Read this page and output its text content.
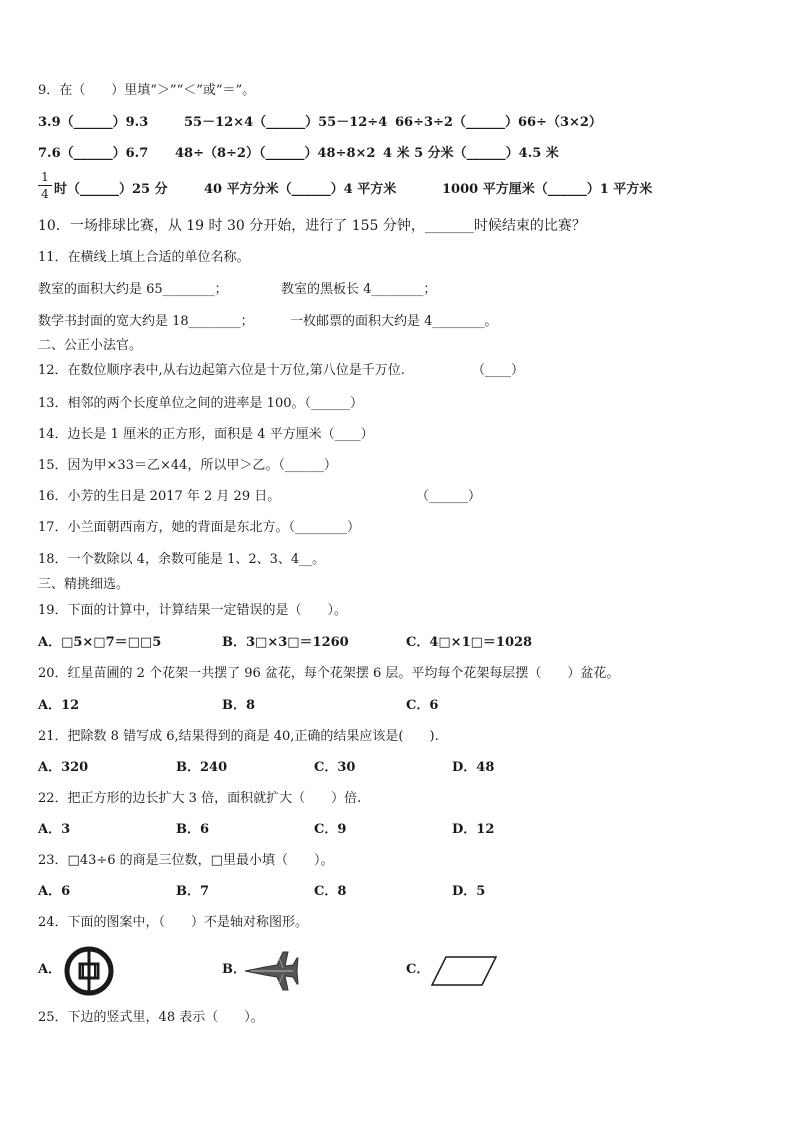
9．在（　　）里填“＞”“＜”或“＝”。
3.9（______）9.3	55－12×4（______）55－12÷4 66÷3÷2（______）66÷（3×2）
7.6（______）6.7 48÷（8÷2）（______）48÷8×2 4 米 5 分米（______）4.5 米
1
4 时（______）25 分	40 平方分米（______）4 平方米	1000 平方厘米（______）1 平方米
10．一场排球比赛，从 19 时 30 分开始，进行了 155 分钟，_______时候结束的比赛？
11．在横线上填上合适的单位名称。
教室的面积大约是 65________；	教室的黑板长 4________；
数学书封面的宽大约是 18________；	一枚邮票的面积大约是 4________。
二、公正小法官。
12．在数位顺序表中,从右边起第六位是十万位,第八位是千万位.	（____）
13．相邻的两个长度单位之间的进率是 100。（______）
14．边长是 1 厘米的正方形，面积是 4 平方厘米（____）
15．因为甲×33＝乙×44，所以甲＞乙。（______）
16．小芳的生日是 2017 年 2 月 29 日。	（______）
17．小兰面朝西南方，她的背面是东北方。（________）
18．一个数除以 4，余数可能是 1、2、3、4__。
三、精挑细选。
19．下面的计算中，计算结果一定错误的是（　　）。
A．□5×□7＝□□5	B．3□×3□＝1260	C．4□×1□＝1028
20．红星苗圃的 2 个花架一共摆了 96 盆花，每个花架摆 6 层。平均每个花架每层摆（　　）盆花。
A．12	B．8	C．6
21．把除数 8 错写成 6,结果得到的商是 40,正确的结果应该是(　　).
A．320	B．240	C．30	D．48
22．把正方形的边长扩大 3 倍，面积就扩大（　　）倍.
A．3	B．6	C．9	D．12
23．□43÷6 的商是三位数，□里最小填（　　）。
A．6	B．7	C．8	D．5
24．下面的图案中，（　　）不是轴对称图形。
A．	B．	C．
25．下边的竖式里，48 表示（　　）。
